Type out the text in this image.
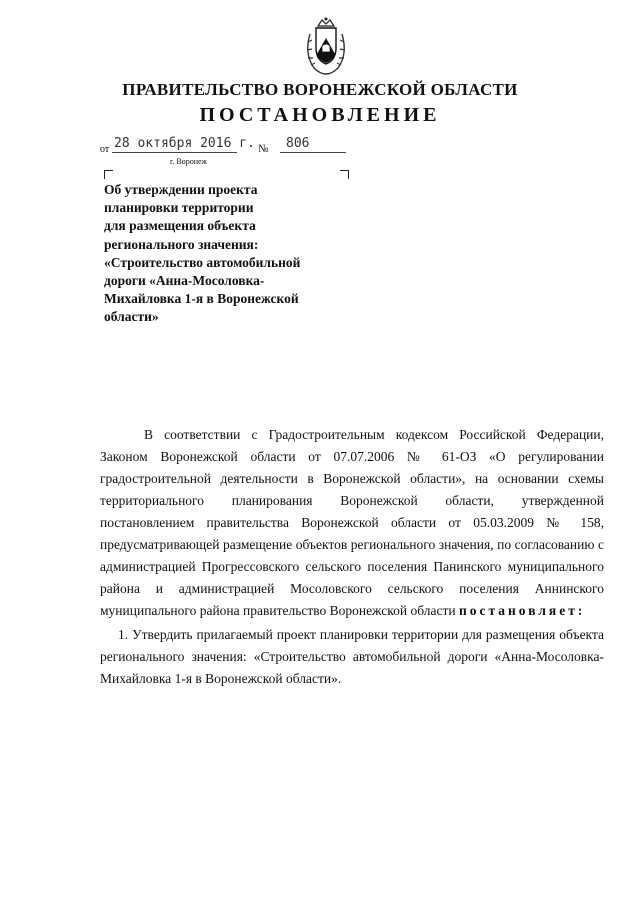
ПРАВИТЕЛЬСТВО ВОРОНЕЖСКОЙ ОБЛАСТИ
ПОСТАНОВЛЕНИЕ
от 28 октября 2016 г. № 806
г. Воронеж
Об утверждении проекта
планировки территории
для размещения объекта
регионального значения:
«Строительство автомобильной
дороги «Анна-Мосоловка-
Михайловка 1-я в Воронежской
области»

В соответствии с Градостроительным кодексом Российской Федерации, Законом Воронежской области от 07.07.2006 № 61-ОЗ «О регулировании градостроительной деятельности в Воронежской области», на основании схемы территориального планирования Воронежской области, утвержденной постановлением правительства Воронежской области от 05.03.2009 № 158, предусматривающей размещение объектов регионального значения, по согласованию с администрацией Прогрессовского сельского поселения Панинского муниципального района и администрацией Мосоловского сельского поселения Аннинского муниципального района правительство Воронежской области постановляет:

1. Утвердить прилагаемый проект планировки территории для размещения объекта регионального значения: «Строительство автомобильной дороги «Анна-Мосоловка-Михайловка 1-я в Воронежской области».
